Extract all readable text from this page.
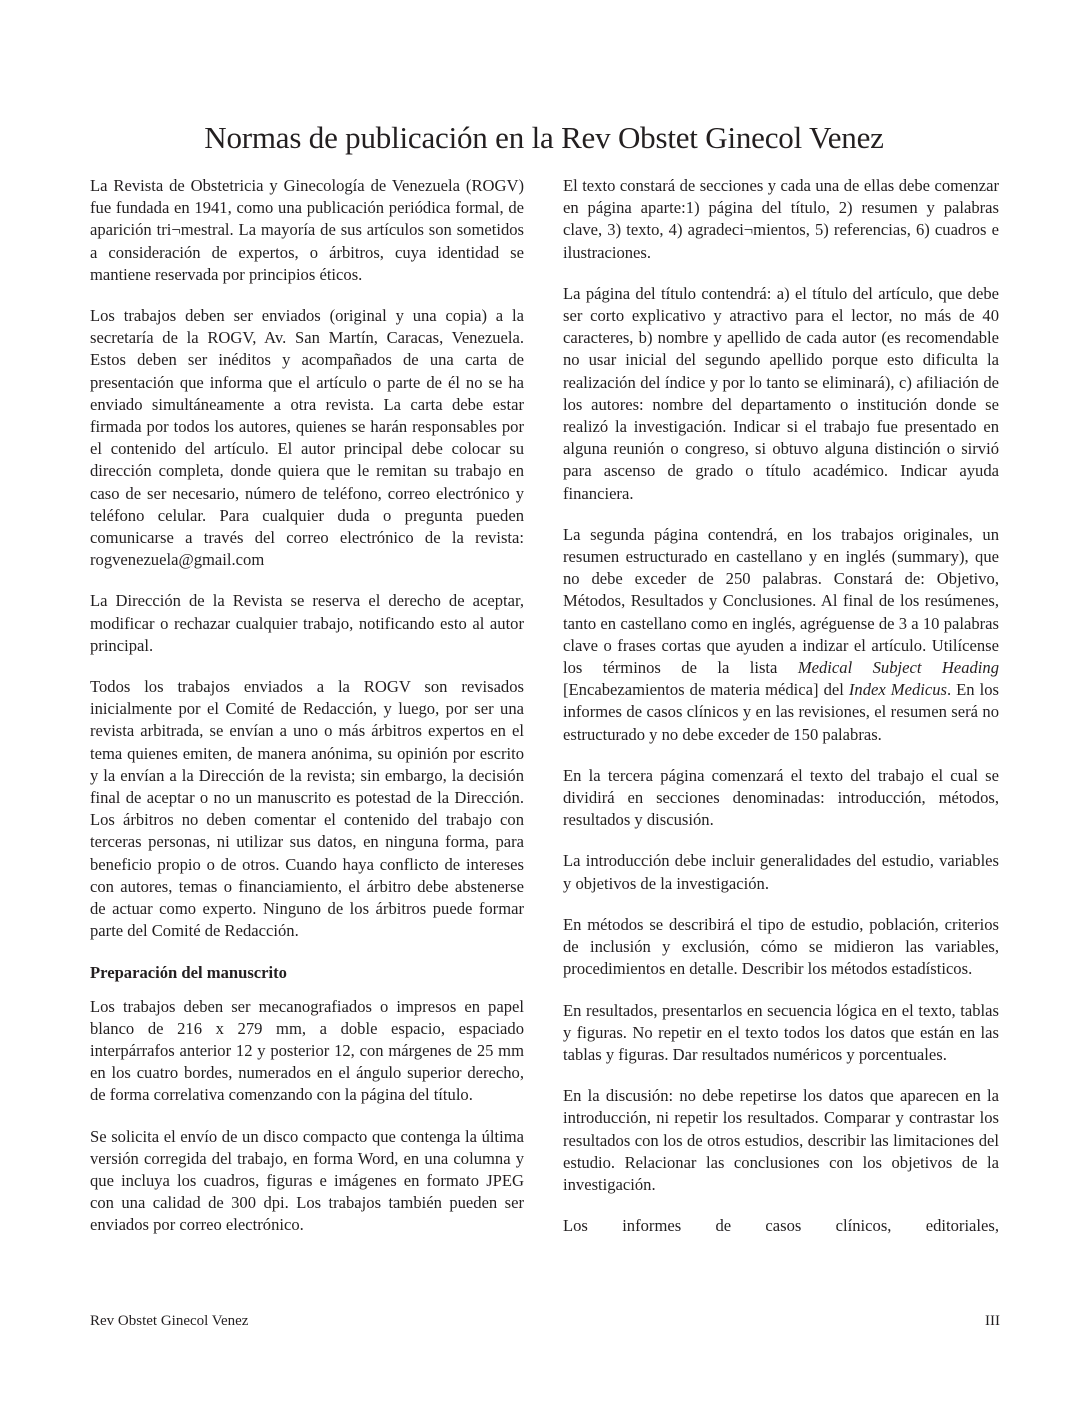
Normas de publicación en la Rev Obstet Ginecol Venez

La Revista de Obstetricia y Ginecología de Venezuela (ROGV) fue fundada en 1941, como una publicación periódica formal, de aparición tri¬mestral. La mayoría de sus artículos son sometidos a consideración de expertos, o árbitros, cuya identidad se mantiene reservada por principios éticos.

Los trabajos deben ser enviados (original y una copia) a la secretaría de la ROGV, Av. San Martín, Caracas, Venezuela. Estos deben ser inéditos y acompañados de una carta de presentación que informa que el artículo o parte de él no se ha enviado simultáneamente a otra revista. La carta debe estar firmada por todos los autores, quienes se harán responsables por el contenido del artículo. El autor principal debe colocar su dirección completa, donde quiera que le remitan su trabajo en caso de ser necesario, número de teléfono, correo electrónico y teléfono celular. Para cualquier duda o pregunta pueden comunicarse a través del correo electrónico de la revista: rogvenezuela@gmail.com

La Dirección de la Revista se reserva el derecho de aceptar, modificar o rechazar cualquier trabajo, notificando esto al autor principal.

Todos los trabajos enviados a la ROGV son revisados inicialmente por el Comité de Redacción, y luego, por ser una revista arbitrada, se envían a uno o más árbitros expertos en el tema quienes emiten, de manera anónima, su opinión por escrito y la envían a la Dirección de la revista; sin embargo, la decisión final de aceptar o no un manuscrito es potestad de la Dirección. Los árbitros no deben comentar el contenido del trabajo con terceras personas, ni utilizar sus datos, en ninguna forma, para beneficio propio o de otros. Cuando haya conflicto de intereses con autores, temas o financiamiento, el árbitro debe abstenerse de actuar como experto. Ninguno de los árbitros puede formar parte del Comité de Redacción.

Preparación del manuscrito

Los trabajos deben ser mecanografiados o impresos en papel blanco de 216 x 279 mm, a doble espacio, espaciado interpárrafos anterior 12 y posterior 12, con márgenes de 25 mm en los cuatro bordes, numerados en el ángulo superior derecho, de forma correlativa comenzando con la página del título.

Se solicita el envío de un disco compacto que contenga la última versión corregida del trabajo, en forma Word, en una columna y que incluya los cuadros, figuras e imágenes en formato JPEG con una calidad de 300 dpi. Los trabajos también pueden ser enviados por correo electrónico.

El texto constará de secciones y cada una de ellas debe comenzar en página aparte:1) página del título, 2) resumen y palabras clave, 3) texto, 4) agradeci¬mientos, 5) referencias, 6) cuadros e ilustraciones.

La página del título contendrá: a) el título del artículo, que debe ser corto explicativo y atractivo para el lector, no más de 40 caracteres, b) nombre y apellido de cada autor (es recomendable no usar inicial del segundo apellido porque esto dificulta la realización del índice y por lo tanto se eliminará), c) afiliación de los autores: nombre del departamento o institución donde se realizó la investigación. Indicar si el trabajo fue presentado en alguna reunión o congreso, si obtuvo alguna distinción o sirvió para ascenso de grado o título académico. Indicar ayuda financiera.

La segunda página contendrá, en los trabajos originales, un resumen estructurado en castellano y en inglés (summary), que no debe exceder de 250 palabras. Constará de: Objetivo, Métodos, Resultados y Conclusiones. Al final de los resúmenes, tanto en castellano como en inglés, agréguense de 3 a 10 palabras clave o frases cortas que ayuden a indizar el artículo. Utilícense los términos de la lista Medical Subject Heading [Encabezamientos de materia médica] del Index Medicus. En los informes de casos clínicos y en las revisiones, el resumen será no estructurado y no debe exceder de 150 palabras.

En la tercera página comenzará el texto del trabajo el cual se dividirá en secciones denominadas: introducción, métodos, resultados y discusión.

La introducción debe incluir generalidades del estudio, variables y objetivos de la investigación.

En métodos se describirá el tipo de estudio, población, criterios de inclusión y exclusión, cómo se midieron las variables, procedimientos en detalle. Describir los métodos estadísticos.

En resultados, presentarlos en secuencia lógica en el texto, tablas y figuras. No repetir en el texto todos los datos que están en las tablas y figuras. Dar resultados numéricos y porcentuales.

En la discusión: no debe repetirse los datos que aparecen en la introducción, ni repetir los resultados. Comparar y contrastar los resultados con los de otros estudios, describir las limitaciones del estudio. Relacionar las conclusiones con los objetivos de la investigación.

Los informes de casos clínicos, editoriales,

Rev Obstet Ginecol Venez	III
